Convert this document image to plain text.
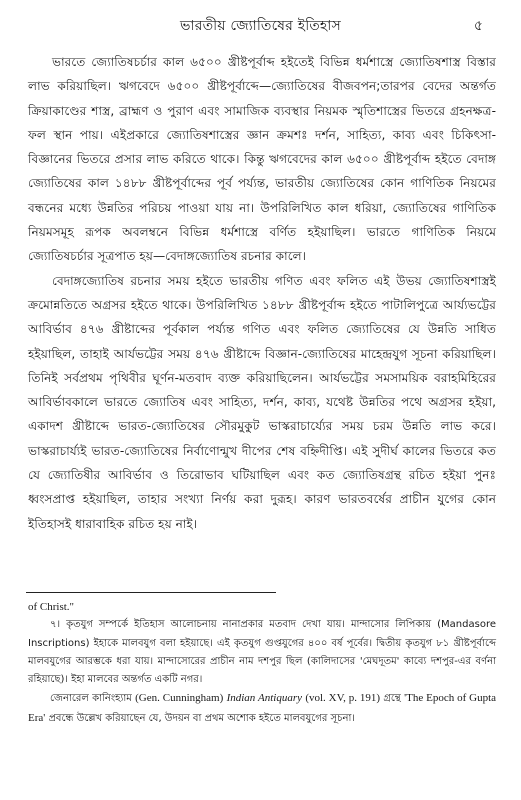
ভারতীয় জ্যোতিষের ইতিহাস	৫

ভারতে জ্যোতিষচর্চার কাল ৬৫০০ খ্রীষ্টপূর্বাব্দ হইতেই বিভিন্ন ধর্মশাস্ত্রে জ্যোতিষশাস্ত্র বিস্তার লাভ করিয়াছিল। ঋগবেদে ৬৫০০ খ্রীষ্টপূর্বাব্দে—জ্যোতিষের বীজবপন;তারপর বেদের অন্তর্গত ক্রিয়াকাণ্ডের শাস্ত্র, ব্রাহ্মণ ও পুরাণ এবং সামাজিক ব্যবস্থার নিয়মক স্মৃতিশাস্ত্রের ভিতরে গ্রহনক্ষত্র-ফল স্থান পায়। এইপ্রকারে জ্যোতিষশাস্ত্রের জ্ঞান ক্রমশঃ দর্শন, সাহিত্য, কাব্য এবং চিকিৎসা-বিজ্ঞানের ভিতরে প্রসার লাভ করিতে থাকে। কিন্তু ঋগবেদের কাল ৬৫০০ খ্রীষ্টপূর্বাব্দ হইতে বেদাঙ্গ জ্যোতিষের কাল ১৪৮৮ খ্রীষ্টপূর্বাব্দের পূর্ব পর্য্যন্ত, ভারতীয় জ্যোতিষের কোন গাণিতিক নিয়মের বন্ধনের মধ্যে উন্নতির পরিচয় পাওয়া যায় না। উপরিলিখিত কাল ধরিয়া, জ্যোতিষের গাণিতিক নিয়মসমূহ রূপক অবলম্বনে বিভিন্ন ধর্মশাস্ত্রে বর্ণিত হইয়াছিল। ভারতে গাণিতিক নিয়মে জ্যোতিষচর্চার সূত্রপাত হয়—বেদাঙ্গজ্যোতিষ রচনার কালে।

বেদাঙ্গজ্যোতিষ রচনার সময় হইতে ভারতীয় গণিত এবং ফলিত এই উভয় জ্যোতিষশাস্ত্রই ক্রমোন্নতিতে অগ্রসর হইতে থাকে। উপরিলিখিত ১৪৮৮ খ্রীষ্টপূর্বাব্দ হইতে পাটালিপুত্রে আর্য্যভট্টের আবির্ভাব ৪৭৬ খ্রীষ্টাব্দের পূর্বকাল পর্য্যন্ত গণিত এবং ফলিত জ্যোতিষের যে উন্নতি সাধিত হইয়াছিল, তাহাই আর্যভট্টের সময় ৪৭৬ খ্রীষ্টাব্দে বিজ্ঞান-জ্যোতিষের মাহেন্দ্রযুগ সূচনা করিয়াছিল। তিনিই সর্বপ্রথম পৃথিবীর ঘূর্ণন-মতবাদ ব্যক্ত করিয়াছিলেন। আর্যভট্টের সমসাময়িক বরাহমিহিরের আবির্ভাবকালে ভারতে জ্যোতিষ এবং সাহিত্য, দর্শন, কাব্য, যথেষ্ট উন্নতির পথে অগ্রসর হইয়া, একাদশ খ্রীষ্টাব্দে ভারত-জ্যোতিষের সৌরমুকুট ভাস্করাচার্য্যের সময় চরম উন্নতি লাভ করে। ভাস্করাচার্য্যই ভারত-জ্যোতিষের নির্বাণোন্মুখ দীপের শেষ বহ্নিদীপ্তি। এই সুদীর্ঘ কালের ভিতরে কত যে জ্যোতিষীর আবির্ভাব ও তিরোভাব ঘটিয়াছিল এবং কত জ্যোতিষগ্রন্থ রচিত হইয়া পুনঃ ধ্বংসপ্রাপ্ত হইয়াছিল, তাহার সংখ্যা নির্ণয় করা দুরূহ। কারণ ভারতবর্ষের প্রাচীন যুগের কোন ইতিহাসই ধারাবাহিক রচিত হয় নাই।

of Christ."

৭। কৃতযুগ সম্পর্কে ইতিহাস আলোচনায় নানাপ্রকার মতবাদ দেখা যায়। মান্দাসোর লিপিকায় (Mandasore Inscriptions) ইহাকে মালবযুগ বলা হইয়াছে। এই কৃতযুগ গুপ্তযুগের ৪০০ বর্ষ পূর্বের। দ্বিতীয় কৃতযুগ ৮১ খ্রীষ্টপূর্বাব্দে মালবযুগের আরম্ভকে ধরা যায়। মান্দাসোরের প্রাচীন নাম দশপুর ছিল (কালিদাসের 'মেঘদূতম' কাব্যে দশপুর-এর বর্ণনা রহিয়াছে)। ইহা মালবের অন্তর্গত একটি নগর।

জেনারেল কানিংহ্যাম (Gen. Cunningham) Indian Antiquary (vol. XV, p. 191) গ্রন্থে 'The Epoch of Gupta Era' প্রবন্ধে উল্লেখ করিয়াছেন যে, উদয়ন বা প্রথম অশোক হইতে মালবযুগের সূচনা।
